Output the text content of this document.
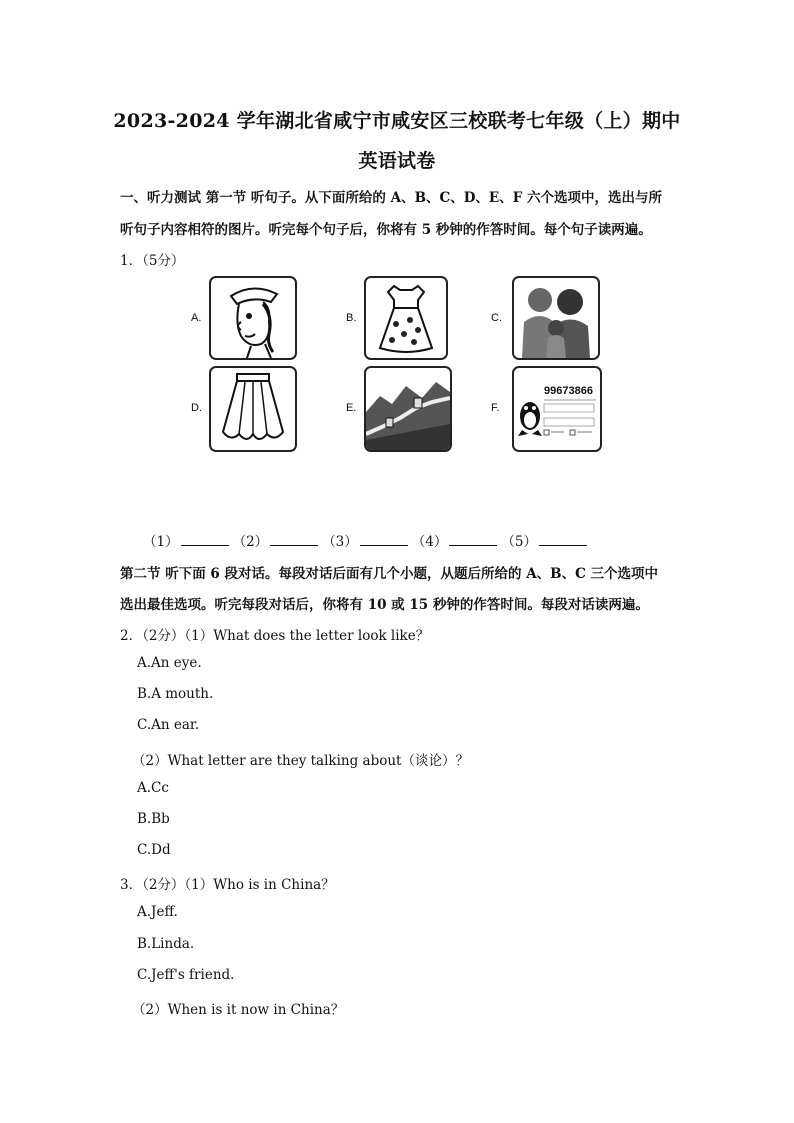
2023-2024 学年湖北省咸宁市咸安区三校联考七年级（上）期中
英语试卷
一、听力测试 第一节 听句子。从下面所给的 A、B、C、D、E、F 六个选项中，选出与所
听句子内容相符的图片。听完每个句子后，你将有 5 秒钟的作答时间。每个句子读两遍。
1．（5分）
A.	B.	C.
D.	E.	F.
99673866
（1）	（2）	（3）	（4）	（5）
第二节 听下面 6 段对话。每段对话后面有几个小题，从题后所给的 A、B、C 三个选项中
选出最佳选项。听完每段对话后，你将有 10 或 15 秒钟的作答时间。每段对话读两遍。
2．（2分）（1）What does the letter look like？
A.An eye.
B.A mouth.
C.An ear.
（2）What letter are they talking about（谈论）？
A.Cc
B.Bb
C.Dd
3．（2分）（1）Who is in China？
A.Jeff.
B.Linda.
C.Jeff's friend.
（2）When is it now in China？
